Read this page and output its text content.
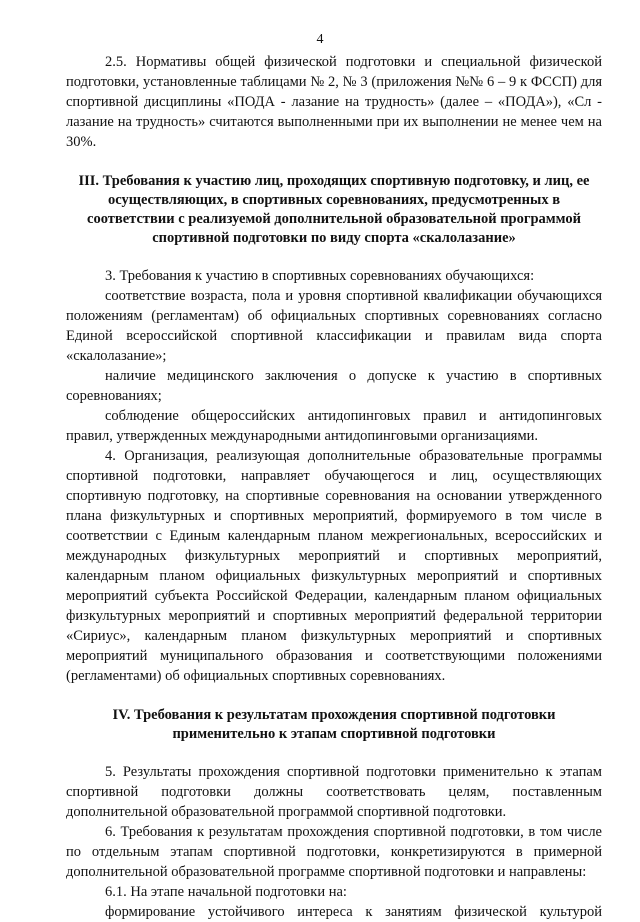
4

2.5. Нормативы общей физической подготовки и специальной физической подготовки, установленные таблицами № 2, № 3 (приложения №№ 6 – 9 к ФССП) для спортивной дисциплины «ПОДА - лазание на трудность» (далее – «ПОДА»), «Сл - лазание на трудность» считаются выполненными при их выполнении не менее чем на 30%.

III. Требования к участию лиц, проходящих спортивную подготовку, и лиц, ее осуществляющих, в спортивных соревнованиях, предусмотренных в соответствии с реализуемой дополнительной образовательной программой спортивной подготовки по виду спорта «скалолазание»

3. Требования к участию в спортивных соревнованиях обучающихся:

соответствие возраста, пола и уровня спортивной квалификации обучающихся положениям (регламентам) об официальных спортивных соревнованиях согласно Единой всероссийской спортивной классификации и правилам вида спорта «скалолазание»;

наличие медицинского заключения о допуске к участию в спортивных соревнованиях;

соблюдение общероссийских антидопинговых правил и антидопинговых правил, утвержденных международными антидопинговыми организациями.

4. Организация, реализующая дополнительные образовательные программы спортивной подготовки, направляет обучающегося и лиц, осуществляющих спортивную подготовку, на спортивные соревнования на основании утвержденного плана физкультурных и спортивных мероприятий, формируемого в том числе в соответствии с Единым календарным планом межрегиональных, всероссийских и международных физкультурных мероприятий и спортивных мероприятий, календарным планом официальных физкультурных мероприятий и спортивных мероприятий субъекта Российской Федерации, календарным планом официальных физкультурных мероприятий и спортивных мероприятий федеральной территории «Сириус», календарным планом физкультурных мероприятий и спортивных мероприятий муниципального образования и соответствующими положениями (регламентами) об официальных спортивных соревнованиях.

IV. Требования к результатам прохождения спортивной подготовки применительно к этапам спортивной подготовки

5. Результаты прохождения спортивной подготовки применительно к этапам спортивной подготовки должны соответствовать целям, поставленным дополнительной образовательной программой спортивной подготовки.

6. Требования к результатам прохождения спортивной подготовки, в том числе по отдельным этапам спортивной подготовки, конкретизируются в примерной дополнительной образовательной программе спортивной подготовки и направлены:

6.1. На этапе начальной подготовки на:

формирование устойчивого интереса к занятиям физической культурой
